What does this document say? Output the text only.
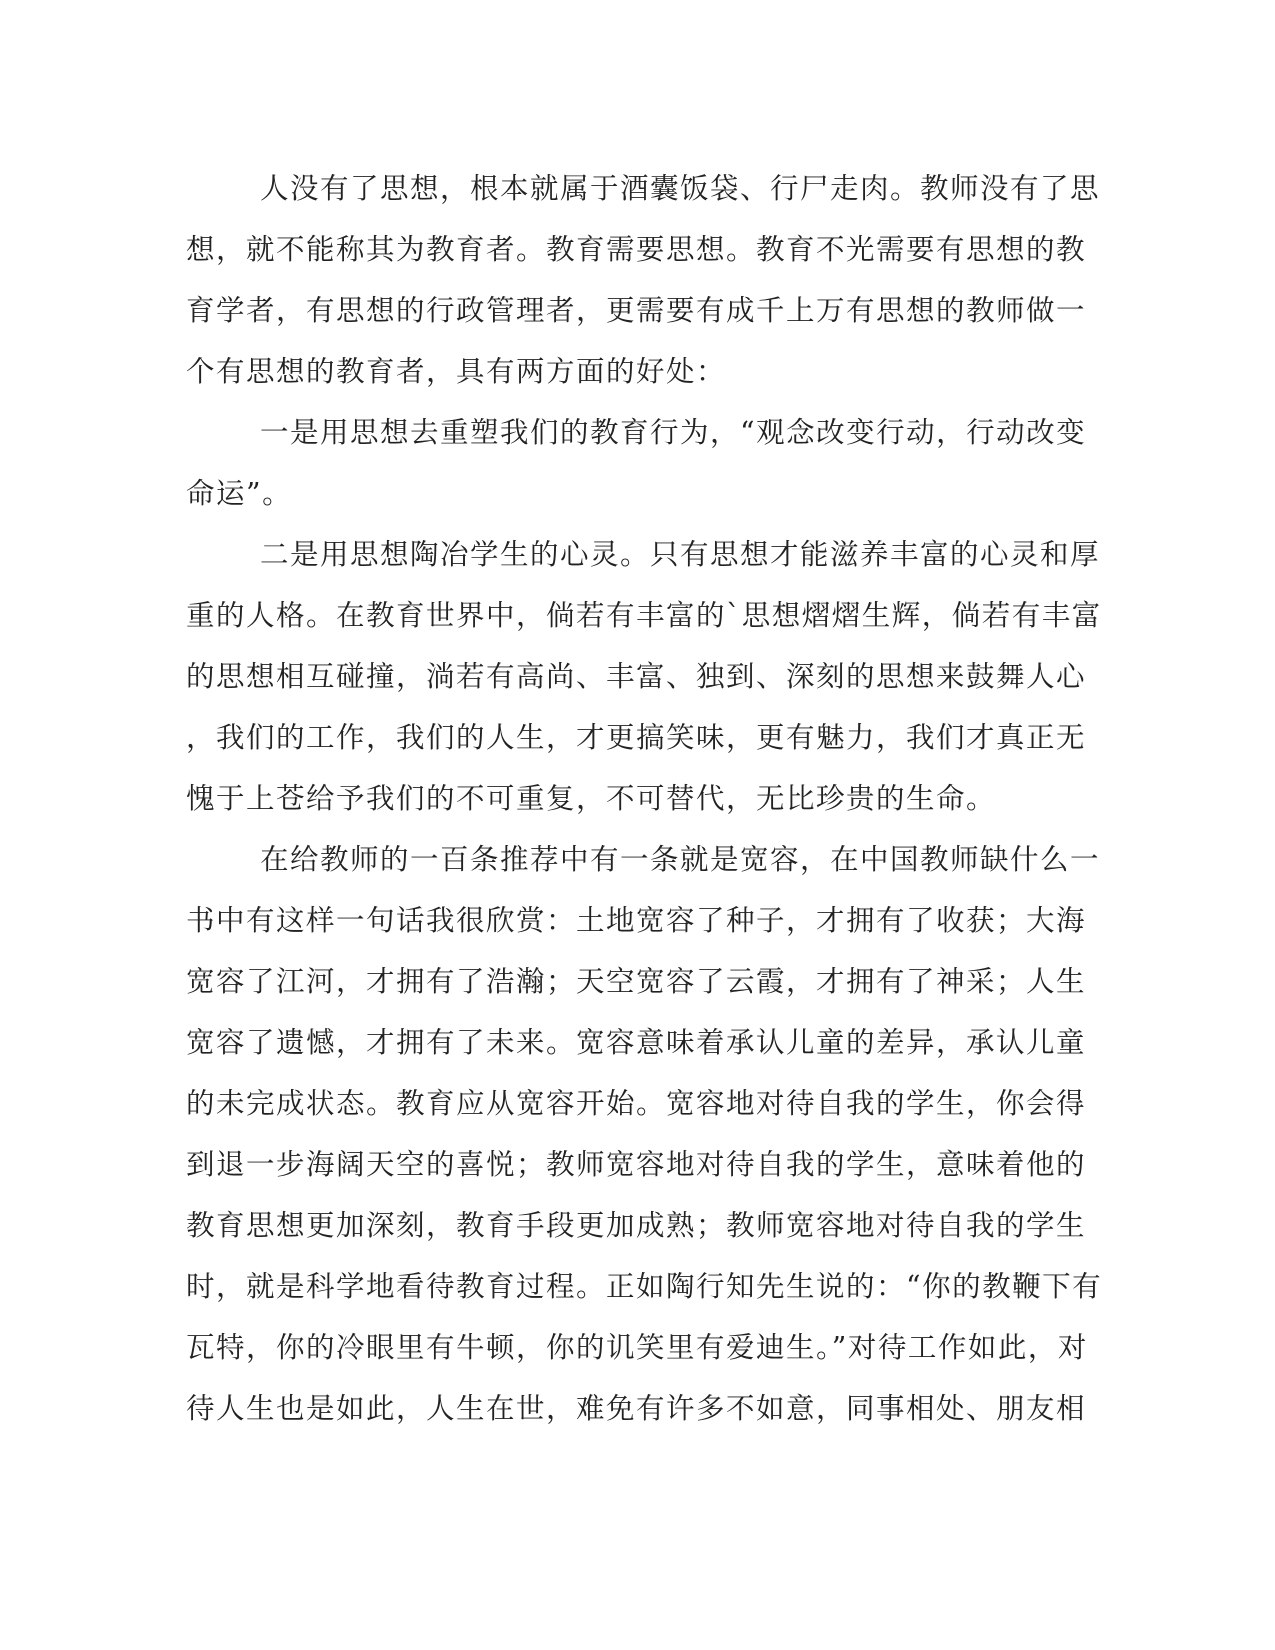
人没有了思想，根本就属于酒囊饭袋、行尸走肉。教师没有了思
想，就不能称其为教育者。教育需要思想。教育不光需要有思想的教
育学者，有思想的行政管理者，更需要有成千上万有思想的教师做一
个有思想的教育者，具有两方面的好处：
一是用思想去重塑我们的教育行为，“观念改变行动，行动改变
命运”。
二是用思想陶冶学生的心灵。只有思想才能滋养丰富的心灵和厚
重的人格。在教育世界中，倘若有丰富的`思想熠熠生辉，倘若有丰富
的思想相互碰撞，淌若有高尚、丰富、独到、深刻的思想来鼓舞人心
，我们的工作，我们的人生，才更搞笑味，更有魅力，我们才真正无
愧于上苍给予我们的不可重复，不可替代，无比珍贵的生命。
在给教师的一百条推荐中有一条就是宽容，在中国教师缺什么一
书中有这样一句话我很欣赏：土地宽容了种子，才拥有了收获；大海
宽容了江河，才拥有了浩瀚；天空宽容了云霞，才拥有了神采；人生
宽容了遗憾，才拥有了未来。宽容意味着承认儿童的差异，承认儿童
的未完成状态。教育应从宽容开始。宽容地对待自我的学生，你会得
到退一步海阔天空的喜悦；教师宽容地对待自我的学生，意味着他的
教育思想更加深刻，教育手段更加成熟；教师宽容地对待自我的学生
时，就是科学地看待教育过程。正如陶行知先生说的：“你的教鞭下有
瓦特，你的冷眼里有牛顿，你的讥笑里有爱迪生。”对待工作如此，对
待人生也是如此，人生在世，难免有许多不如意，同事相处、朋友相
